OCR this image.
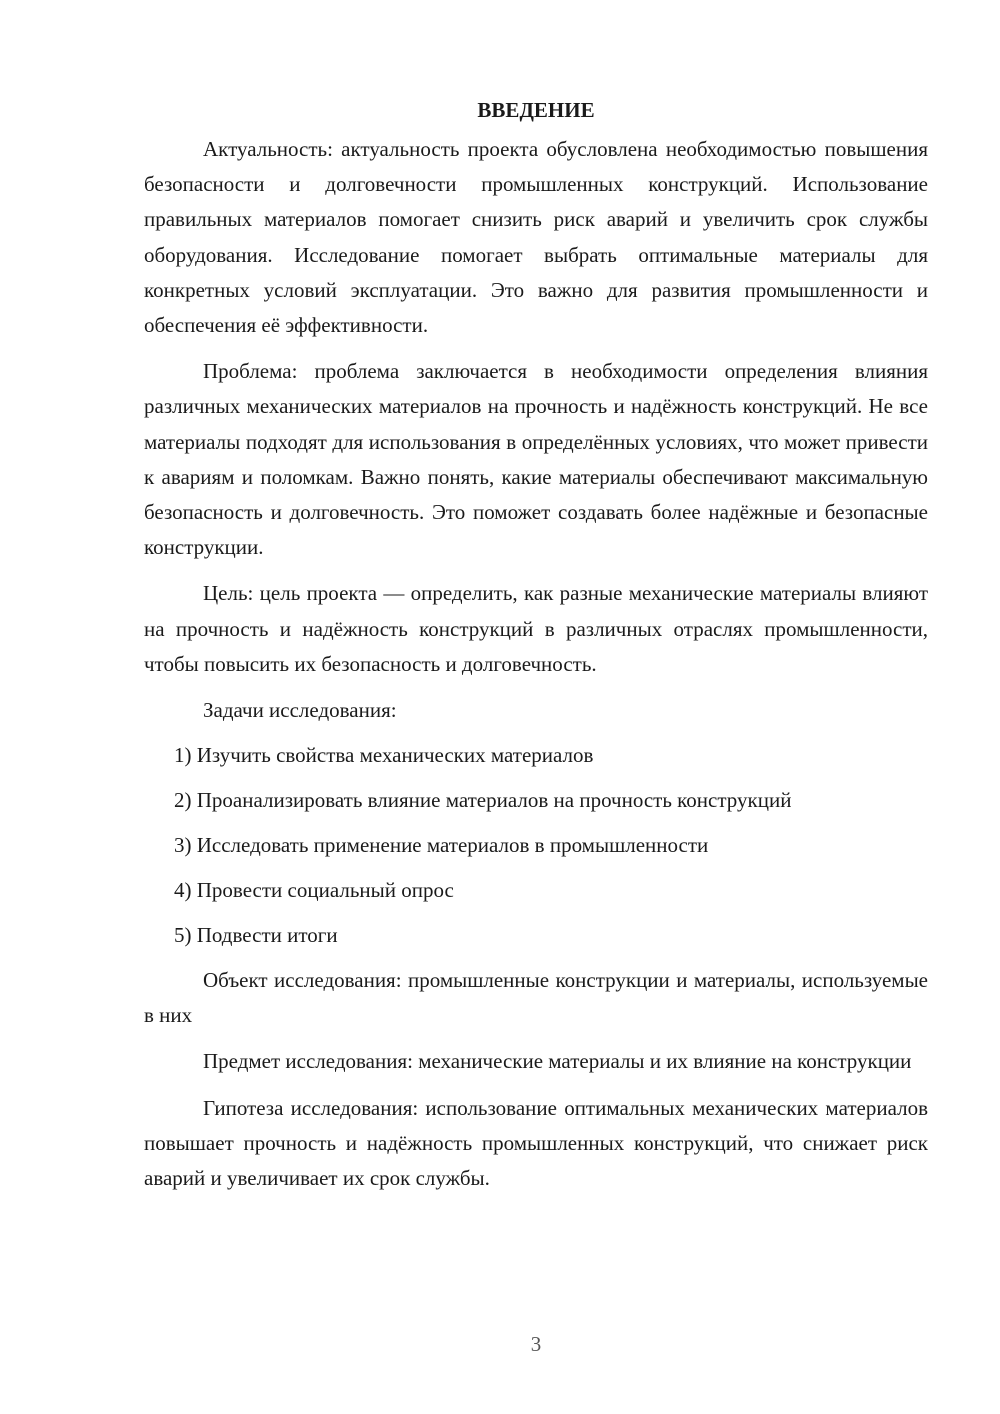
ВВЕДЕНИЕ

Актуальность: актуальность проекта обусловлена необходимостью повышения безопасности и долговечности промышленных конструкций. Использование правильных материалов помогает снизить риск аварий и увеличить срок службы оборудования. Исследование помогает выбрать оптимальные материалы для конкретных условий эксплуатации. Это важно для развития промышленности и обеспечения её эффективности.

Проблема: проблема заключается в необходимости определения влияния различных механических материалов на прочность и надёжность конструкций. Не все материалы подходят для использования в определённых условиях, что может привести к авариям и поломкам. Важно понять, какие материалы обеспечивают максимальную безопасность и долговечность. Это поможет создавать более надёжные и безопасные конструкции.

Цель: цель проекта — определить, как разные механические материалы влияют на прочность и надёжность конструкций в различных отраслях промышленности, чтобы повысить их безопасность и долговечность.

Задачи исследования:
1) Изучить свойства механических материалов
2) Проанализировать влияние материалов на прочность конструкций
3) Исследовать применение материалов в промышленности
4) Провести социальный опрос
5) Подвести итоги

Объект исследования: промышленные конструкции и материалы, используемые в них

Предмет исследования: механические материалы и их влияние на конструкции

Гипотеза исследования: использование оптимальных механических материалов повышает прочность и надёжность промышленных конструкций, что снижает риск аварий и увеличивает их срок службы.

3
